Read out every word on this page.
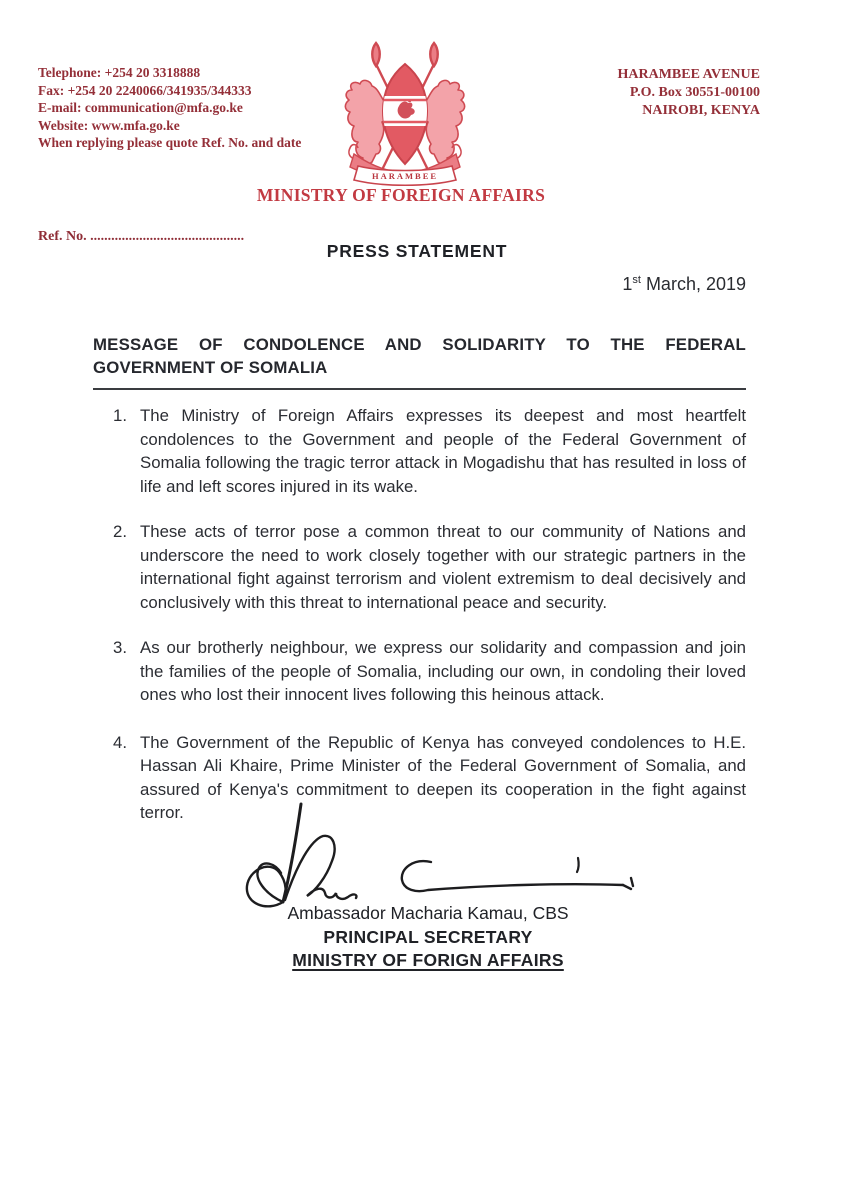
Telephone: +254 20 3318888
Fax: +254 20 2240066/341935/344333
E-mail: communication@mfa.go.ke
Website: www.mfa.go.ke
When replying please quote Ref. No. and date
HARAMBEE AVENUE
P.O. Box 30551-00100
NAIROBI, KENYA
HARAMBEE
MINISTRY OF FOREIGN AFFAIRS
Ref. No. ............................................
PRESS STATEMENT
1st March, 2019
MESSAGE OF CONDOLENCE AND SOLIDARITY TO THE FEDERAL GOVERNMENT OF SOMALIA
1. The Ministry of Foreign Affairs expresses its deepest and most heartfelt condolences to the Government and people of the Federal Government of Somalia following the tragic terror attack in Mogadishu that has resulted in loss of life and left scores injured in its wake.
2. These acts of terror pose a common threat to our community of Nations and underscore the need to work closely together with our strategic partners in the international fight against terrorism and violent extremism to deal decisively and conclusively with this threat to international peace and security.
3. As our brotherly neighbour, we express our solidarity and compassion and join the families of the people of Somalia, including our own, in condoling their loved ones who lost their innocent lives following this heinous attack.
4. The Government of the Republic of Kenya has conveyed condolences to H.E. Hassan Ali Khaire, Prime Minister of the Federal Government of Somalia, and assured of Kenya's commitment to deepen its cooperation in the fight against terror.
Ambassador Macharia Kamau, CBS
PRINCIPAL SECRETARY
MINISTRY OF FORIGN AFFAIRS
